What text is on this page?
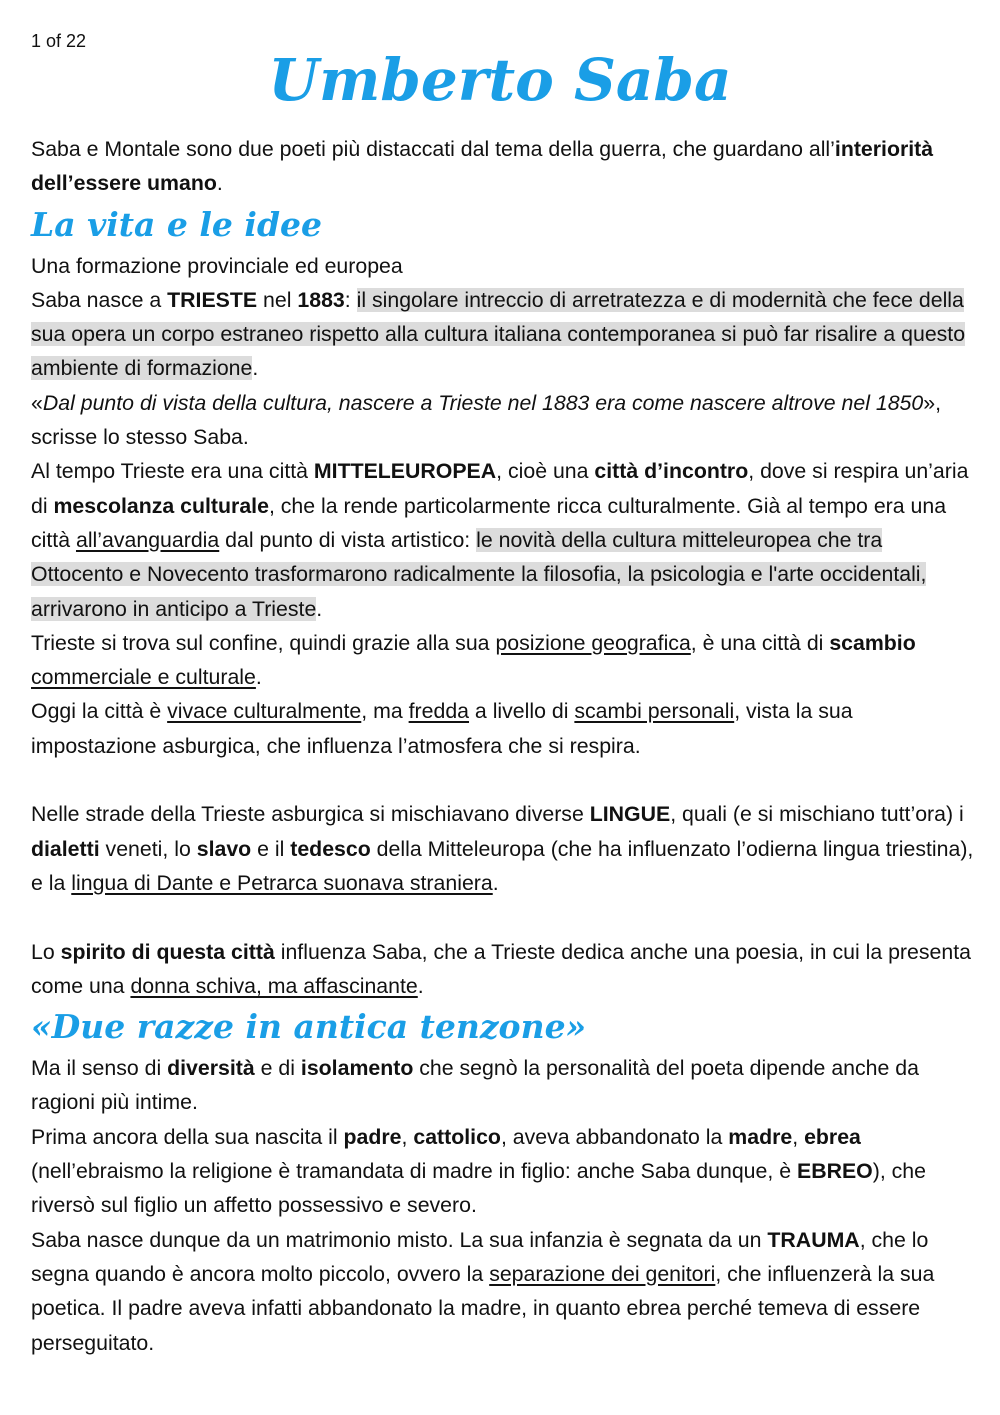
1 of 22
Umberto Saba

Saba e Montale sono due poeti più distaccati dal tema della guerra, che guardano all’interiorità dell’essere umano.

La vita e le idee

Una formazione provinciale ed europea

Saba nasce a TRIESTE nel 1883: il singolare intreccio di arretratezza e di modernità che fece della sua opera un corpo estraneo rispetto alla cultura italiana contemporanea si può far risalire a questo ambiente di formazione.

«Dal punto di vista della cultura, nascere a Trieste nel 1883 era come nascere altrove nel 1850», scrisse lo stesso Saba.

Al tempo Trieste era una città MITTELEUROPEA, cioè una città d’incontro, dove si respira un’aria di mescolanza culturale, che la rende particolarmente ricca culturalmente. Già al tempo era una città all’avanguardia dal punto di vista artistico: le novità della cultura mitteleuropea che tra Ottocento e Novecento trasformarono radicalmente la filosofia, la psicologia e l'arte occidentali, arrivarono in anticipo a Trieste.

Trieste si trova sul confine, quindi grazie alla sua posizione geografica, è una città di scambio commerciale e culturale.

Oggi la città è vivace culturalmente, ma fredda a livello di scambi personali, vista la sua impostazione asburgica, che influenza l’atmosfera che si respira.

Nelle strade della Trieste asburgica si mischiavano diverse LINGUE, quali (e si mischiano tutt’ora) i dialetti veneti, lo slavo e il tedesco della Mitteleuropa (che ha influenzato l’odierna lingua triestina), e la lingua di Dante e Petrarca suonava straniera.

Lo spirito di questa città influenza Saba, che a Trieste dedica anche una poesia, in cui la presenta come una donna schiva, ma affascinante.

«Due razze in antica tenzone»

Ma il senso di diversità e di isolamento che segnò la personalità del poeta dipende anche da ragioni più intime.

Prima ancora della sua nascita il padre, cattolico, aveva abbandonato la madre, ebrea (nell’ebraismo la religione è tramandata di madre in figlio: anche Saba dunque, è EBREO), che riversò sul figlio un affetto possessivo e severo.

Saba nasce dunque da un matrimonio misto. La sua infanzia è segnata da un TRAUMA, che lo segna quando è ancora molto piccolo, ovvero la separazione dei genitori, che influenzerà la sua poetica. Il padre aveva infatti abbandonato la madre, in quanto ebrea perché temeva di essere perseguitato.
